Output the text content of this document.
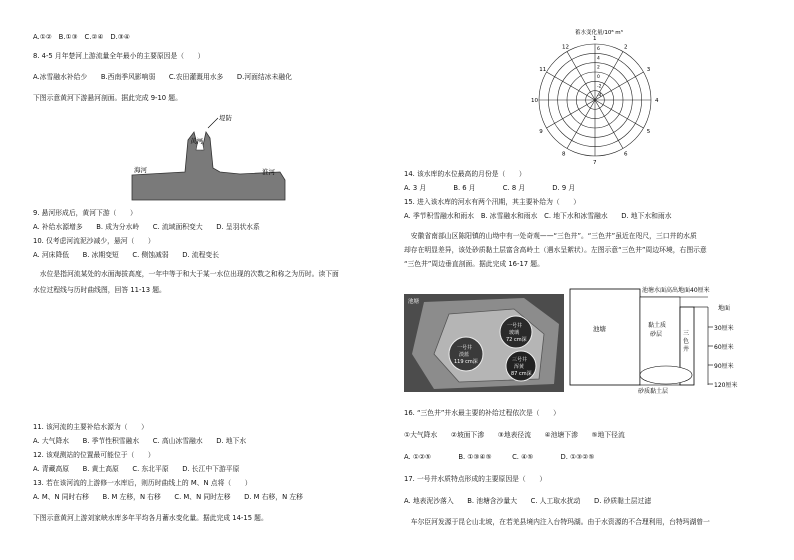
A.①②　B.①③　C.②④　D.③④
8. 4-5 月年楚河上游流量全年最小的主要原因是（　　）
A.冰雪融水补给少　　B.西南季风影响弱　　C.农田灌溉用水多　　D.河面结冰未融化
下图示意黄河下游悬河剖面。据此完成 9-10 题。
堤防
黄河
海河	淮河
9. 悬河形成后，黄河下游（　　）
A. 补给水源增多　　B. 成为分水岭　　C. 流域面积变大　　D. 呈羽状水系
10. 仅考虑河流泥沙减少，悬河（　　）
A. 河床降低　　B. 冰期变短　　C. 侧蚀减弱　　D. 流程变长
　水位是指河流某处的水面海拔高度，一年中等于和大于某一水位出现的次数之和称之为历时。读下面
水位过程线与历时曲线图，回答 11-13 题。
11. 该河流的主要补给水源为（　　）
A. 大气降水　　B. 季节性积雪融水　　C. 高山冰雪融水　　D. 地下水
12. 该观测站的位置最可能位于（　　）
A. 青藏高原　　B. 黄土高原　　C. 东北平原　　D. 长江中下游平原
13. 若在该河流的上游修一水库后，则历时曲线上的 M、N 点将（　　）
A. M、N 同时右移　　B. M 左移，N 右移　　C. M、N 同时左移　　D. M 右移，N 左移
下图示意黄河上游刘家峡水库多年平均各月蓄水变化量。据此完成 14-15 题。
蓄水变化量/10⁸ m³
1
2
3
4
5
6
7
8
9
10
11
12	6
4
2
0
-2
-4
14. 该水库的水位最高的月份是（　　）
A. 3 月　　　　B. 6 月　　　　C. 8 月　　　　D. 9 月
15. 进入该水库的河水有两个汛期，其主要补给为（　　）
A. 季节积雪融水和雨水　B. 冰雪融水和雨水　C. 地下水和冰雪融水　　D. 地下水和雨水
　安徽省南部山区陈阳镇的山坳中有一处奇观——“三色井”。“三色井”虽近在咫尺，三口井的水质
却存在明显差异，该处砂质黏土层富含高岭土（遇水呈絮状）。左图示意“三色井”周边环境，右图示意
“三色井”周边垂直剖面。据此完成 16-17 题。
池塘
一号井
玻璃
72 cm深
一号井
淡蓝
119 cm深	三号井
浑黄
87 cm深
池塘水面高出地面40厘米
池塘	黏土质
砂层	三
色
井
砂质黏土层
地面
30厘米
60厘米
90厘米
120厘米
16. “三色井”井水最主要的补给过程依次是（　　）
①大气降水　　②坡面下渗　　③地表径流　　④池塘下渗　　⑤地下径流
A. ①②⑤　　　　B. ①③④⑤　　　C. ④⑤　　　　D. ①③②⑤
17. 一号井水质特点形成的主要原因是（　　）
A. 地表泥沙落入　　B. 池塘含沙量大　　C. 人工取水扰动　　D. 砂质黏土层过滤
　车尔臣河发源于昆仑山北坡，在若羌县境内注入台特玛湖。由于水资源的不合理利用，台特玛湖曾一
